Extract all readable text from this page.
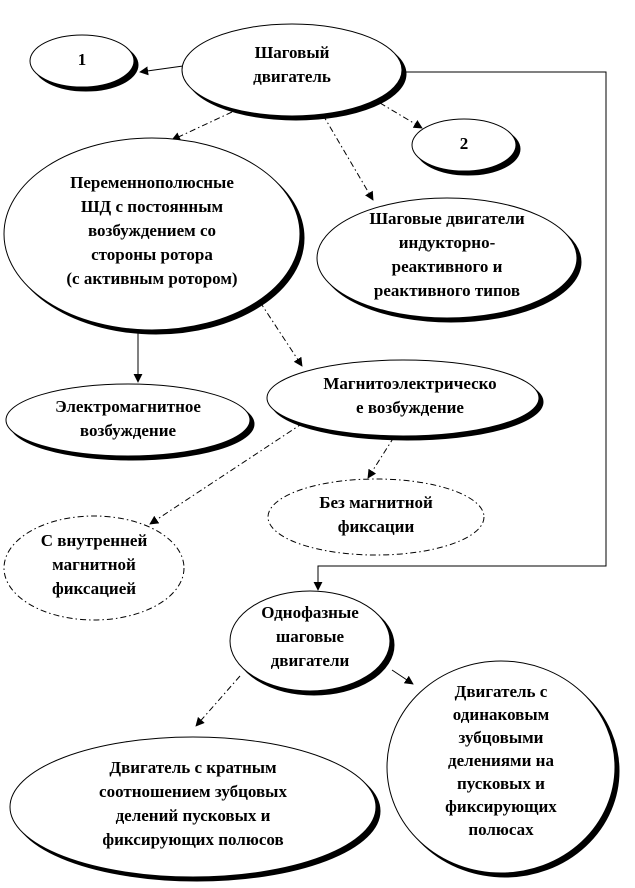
1	Шаговый двигатель
2
Переменнополюсные ШД с постоянным возбуждением со стороны ротора (с активным ротором)
Шаговые двигатели индукторно-реактивного и реактивного типов
Электромагнитное возбуждение
Магнитоэлектрическо е возбуждение
Без магнитной фиксации
С внутренней магнитной фиксацией
Однофазные шаговые двигатели
Двигатель с одинаковым зубцовыми делениями на пусковых и фиксирующих полюсах
Двигатель с кратным соотношением зубцовых делений пусковых и фиксирующих полюсов
